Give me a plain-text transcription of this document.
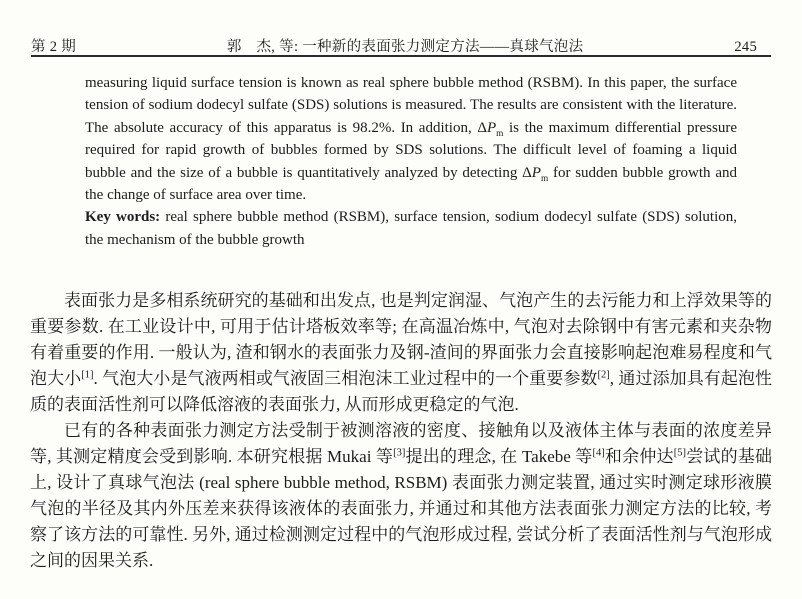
第 2 期	郭　杰, 等: 一种新的表面张力测定方法——真球气泡法	245

measuring liquid surface tension is known as real sphere bubble method (RSBM). In this paper, the surface tension of sodium dodecyl sulfate (SDS) solutions is measured. The results are consistent with the literature. The absolute accuracy of this apparatus is 98.2%. In addition, $\Delta P_m$ is the maximum differential pressure required for rapid growth of bubbles formed by SDS solutions. The difficult level of foaming a liquid bubble and the size of a bubble is quantitatively analyzed by detecting $\Delta P_m$ for sudden bubble growth and the change of surface area over time.

Key words: real sphere bubble method (RSBM), surface tension, sodium dodecyl sulfate (SDS) solution, the mechanism of the bubble growth

表面张力是多相系统研究的基础和出发点, 也是判定润湿、气泡产生的去污能力和上浮效果等的重要参数. 在工业设计中, 可用于估计塔板效率等; 在高温冶炼中, 气泡对去除钢中有害元素和夹杂物有着重要的作用. 一般认为, 渣和钢水的表面张力及钢-渣间的界面张力会直接影响起泡难易程度和气泡大小[1]. 气泡大小是气液两相或气液固三相泡沫工业过程中的一个重要参数[2], 通过添加具有起泡性质的表面活性剂可以降低溶液的表面张力, 从而形成更稳定的气泡.

已有的各种表面张力测定方法受制于被测溶液的密度、接触角以及液体主体与表面的浓度差异等, 其测定精度会受到影响. 本研究根据 Mukai 等[3]提出的理念, 在 Takebe 等[4]和余仲达[5]尝试的基础上, 设计了真球气泡法 (real sphere bubble method, RSBM) 表面张力测定装置, 通过实时测定球形液膜气泡的半径及其内外压差来获得该液体的表面张力, 并通过和其他方法表面张力测定方法的比较, 考察了该方法的可靠性. 另外, 通过检测测定过程中的气泡形成过程, 尝试分析了表面活性剂与气泡形成之间的因果关系.
